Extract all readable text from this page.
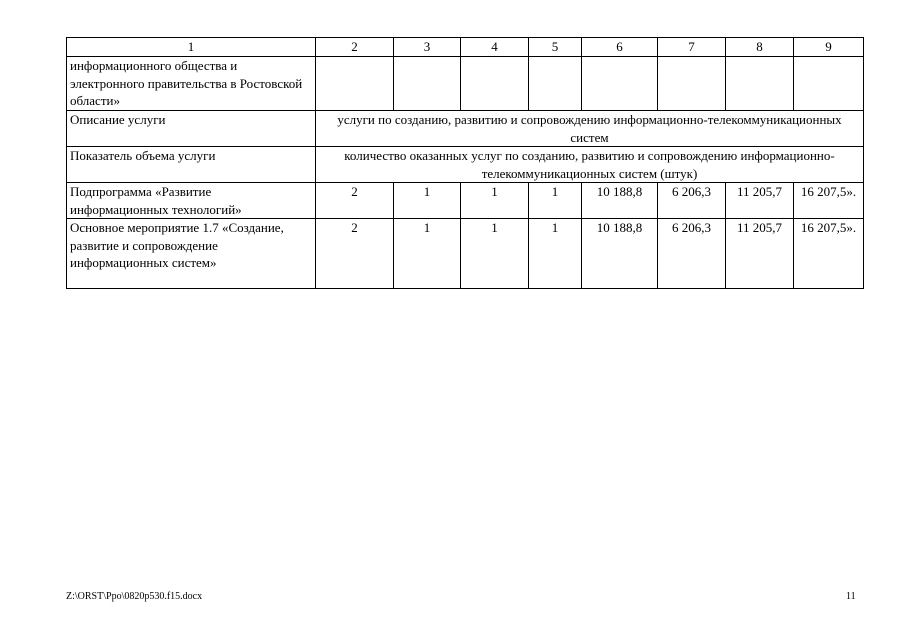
1	2	3	4	5	6	7	8	9
информационного общества и электронного правительства в Ростовской области»								
Описание услуги	услуги по созданию, развитию и сопровождению информационно-телекоммуникационных систем							
Показатель объема услуги	количество оказанных услуг по созданию, развитию и сопровождению информационно-телекоммуникационных систем (штук)							
Подпрограмма «Развитие информационных технологий»	2	1	1	1	10 188,8	6 206,3	11 205,7	16 207,5».
Основное мероприятие 1.7 «Создание, развитие и сопровождение информационных систем»	2	1	1	1	10 188,8	6 206,3	11 205,7	16 207,5».
Z:\ORST\Ppo\0820p530.f15.docx	11
